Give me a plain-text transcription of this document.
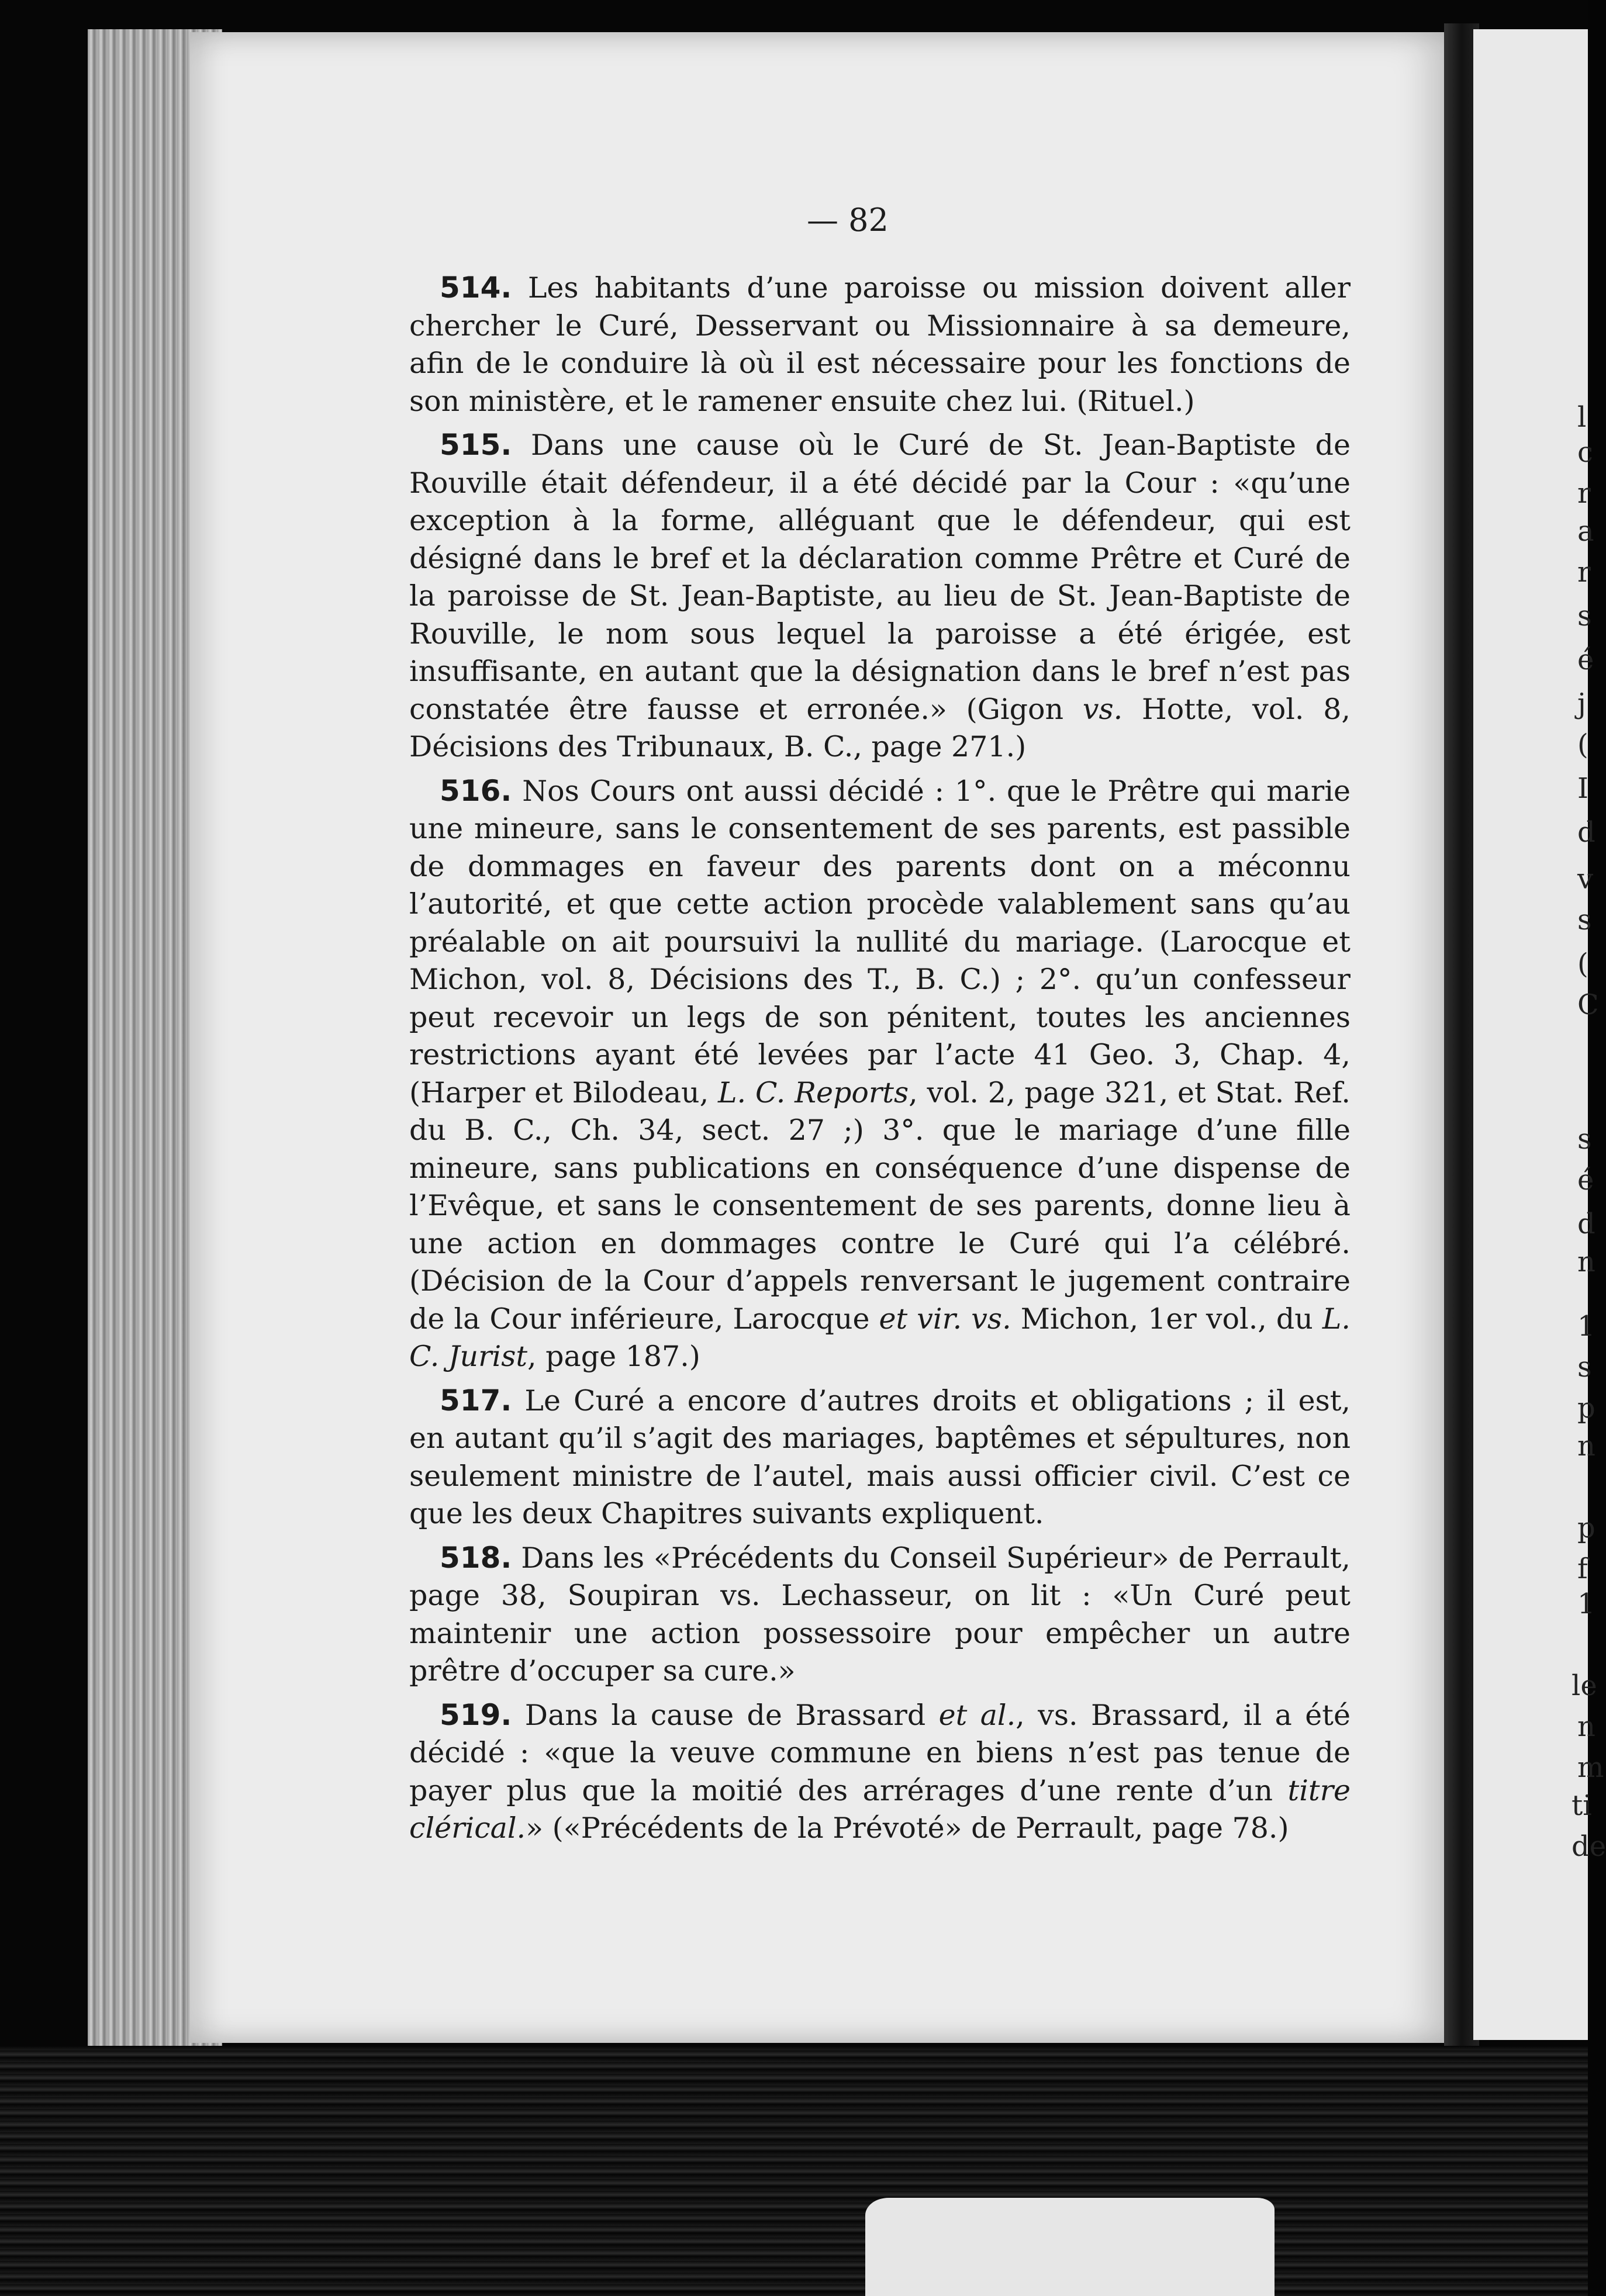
l
c
r
a
r
s
é
j
(
I
d
v
s
(
C
s
é
d
n
1
s
p
n
p
f
1
le
n
m
ti
de
— 82

514. Les habitants d’une paroisse ou mission doivent aller chercher le Curé, Desservant ou Missionnaire à sa demeure, afin de le conduire là où il est nécessaire pour les fonctions de son ministère, et le ramener ensuite chez lui. (Rituel.)

515. Dans une cause où le Curé de St. Jean-Baptiste de Rouville était défendeur, il a été décidé par la Cour : «qu’une exception à la forme, alléguant que le défendeur, qui est désigné dans le bref et la déclaration comme Prêtre et Curé de la paroisse de St. Jean-Baptiste, au lieu de St. Jean-Baptiste de Rouville, le nom sous lequel la paroisse a été érigée, est insuffisante, en autant que la désignation dans le bref n’est pas constatée être fausse et erronée.» (Gigon vs. Hotte, vol. 8, Décisions des Tribunaux, B. C., page 271.)

516. Nos Cours ont aussi décidé : 1°. que le Prêtre qui marie une mineure, sans le consentement de ses parents, est passible de dommages en faveur des parents dont on a méconnu l’autorité, et que cette action procède valablement sans qu’au préalable on ait poursuivi la nullité du mariage. (Larocque et Michon, vol. 8, Décisions des T., B. C.) ; 2°. qu’un confesseur peut recevoir un legs de son pénitent, toutes les anciennes restrictions ayant été levées par l’acte 41 Geo. 3, Chap. 4, (Harper et Bilodeau, L. C. Reports, vol. 2, page 321, et Stat. Ref. du B. C., Ch. 34, sect. 27 ;) 3°. que le mariage d’une fille mineure, sans publications en conséquence d’une dispense de l’Evêque, et sans le consentement de ses parents, donne lieu à une action en dommages contre le Curé qui l’a célébré. (Décision de la Cour d’appels renversant le jugement contraire de la Cour inférieure, Larocque et vir. vs. Michon, 1er vol., du L. C. Jurist, page 187.)

517. Le Curé a encore d’autres droits et obligations ; il est, en autant qu’il s’agit des mariages, baptêmes et sépultures, non seulement ministre de l’autel, mais aussi officier civil. C’est ce que les deux Chapitres suivants expliquent.

518. Dans les «Précédents du Conseil Supérieur» de Perrault, page 38, Soupiran vs. Lechasseur, on lit : «Un Curé peut maintenir une action possessoire pour empêcher un autre prêtre d’occuper sa cure.»

519. Dans la cause de Brassard et al., vs. Brassard, il a été décidé : «que la veuve commune en biens n’est pas tenue de payer plus que la moitié des arrérages d’une rente d’un titre clérical.» («Précédents de la Prévoté» de Perrault, page 78.)
